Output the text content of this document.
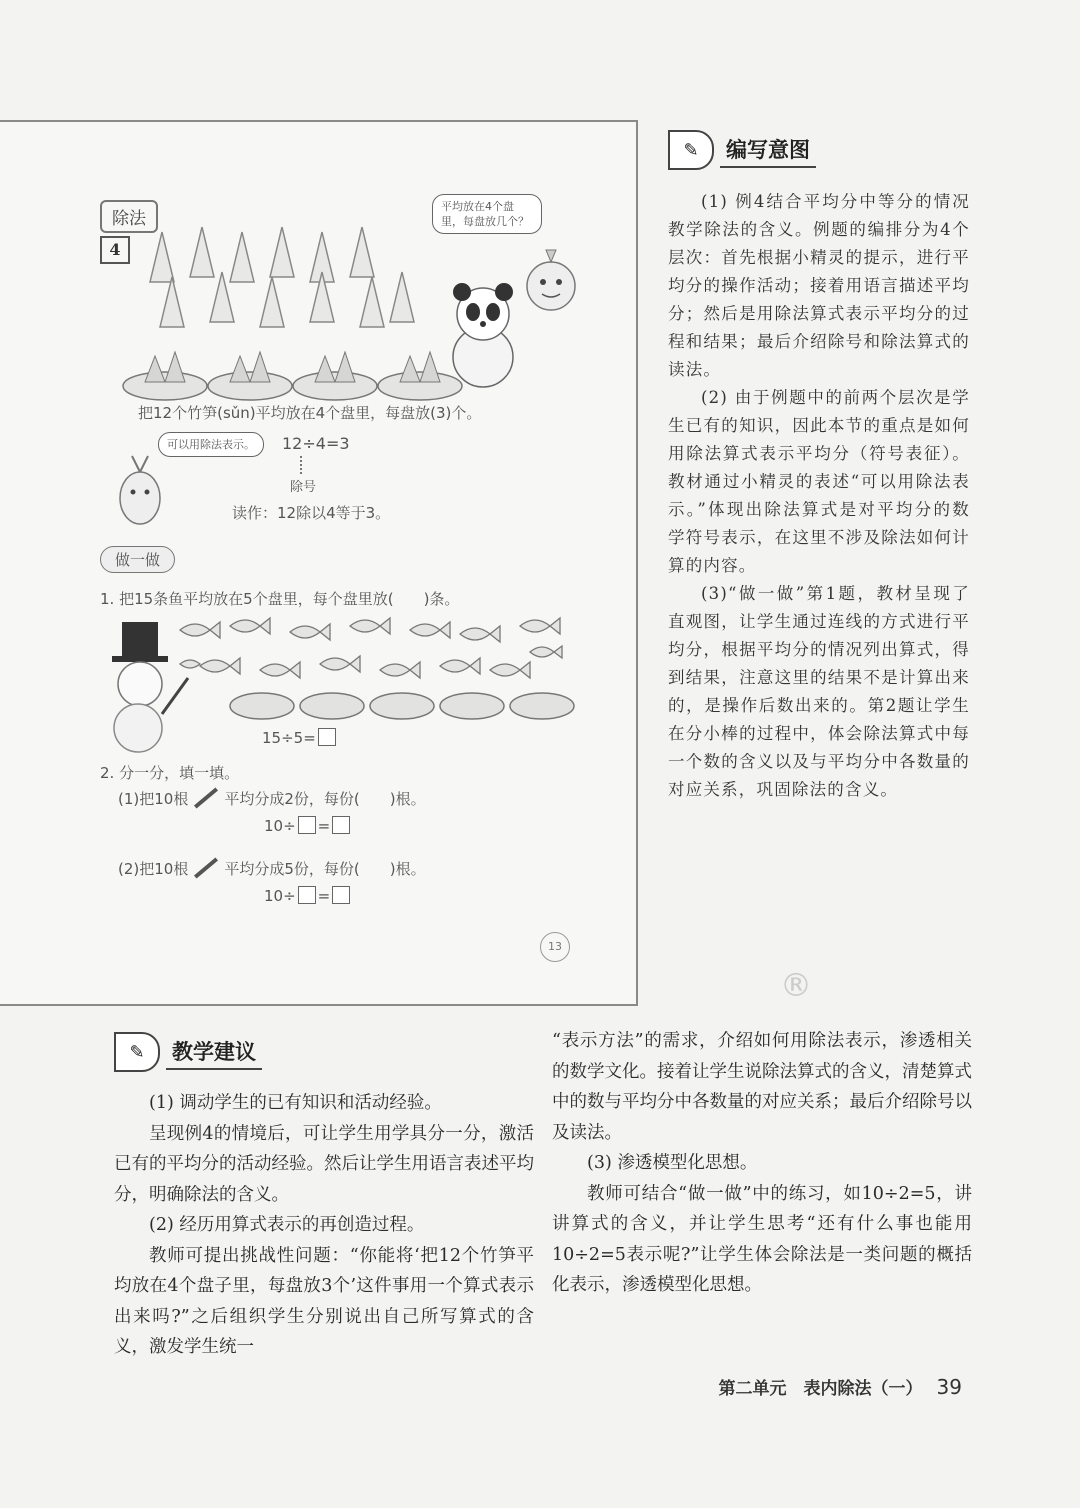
除法
4
平均放在4个盘里，每盘放几个？
把12个竹笋(sǔn)平均放在4个盘里，每盘放(3)个。
可以用除法表示。	12÷4=3
除号
读作：12除以4等于3。
做一做
1. 把15条鱼平均放在5个盘里，每个盘里放(　　)条。
15÷5=
2. 分一分，填一填。
(1)把10根 平均分成2份，每份(　　)根。
10÷ =
(2)把10根 平均分成5份，每份(　　)根。
10÷ =
13
✎	编写意图

(1) 例4结合平均分中等分的情况教学除法的含义。例题的编排分为4个层次：首先根据小精灵的提示，进行平均分的操作活动；接着用语言描述平均分；然后是用除法算式表示平均分的过程和结果；最后介绍除号和除法算式的读法。

(2) 由于例题中的前两个层次是学生已有的知识，因此本节的重点是如何用除法算式表示平均分（符号表征）。教材通过小精灵的表述“可以用除法表示。”体现出除法算式是对平均分的数学符号表示，在这里不涉及除法如何计算的内容。

(3)“做一做”第1题，教材呈现了直观图，让学生通过连线的方式进行平均分，根据平均分的情况列出算式，得到结果，注意这里的结果不是计算出来的，是操作后数出来的。第2题让学生在分小棒的过程中，体会除法算式中每一个数的含义以及与平均分中各数量的对应关系，巩固除法的含义。

®
✎	教学建议

(1) 调动学生的已有知识和活动经验。

呈现例4的情境后，可让学生用学具分一分，激活已有的平均分的活动经验。然后让学生用语言表述平均分，明确除法的含义。

(2) 经历用算式表示的再创造过程。

教师可提出挑战性问题：“你能将‘把12个竹笋平均放在4个盘子里，每盘放3个’这件事用一个算式表示出来吗?”之后组织学生分别说出自己所写算式的含义，激发学生统一

“表示方法”的需求，介绍如何用除法表示，渗透相关的数学文化。接着让学生说除法算式的含义，清楚算式中的数与平均分中各数量的对应关系；最后介绍除号以及读法。

(3) 渗透模型化思想。

教师可结合“做一做”中的练习，如10÷2=5，讲讲算式的含义，并让学生思考“还有什么事也能用10÷2=5表示呢?”让学生体会除法是一类问题的概括化表示，渗透模型化思想。

第二单元　表内除法（一） 39
